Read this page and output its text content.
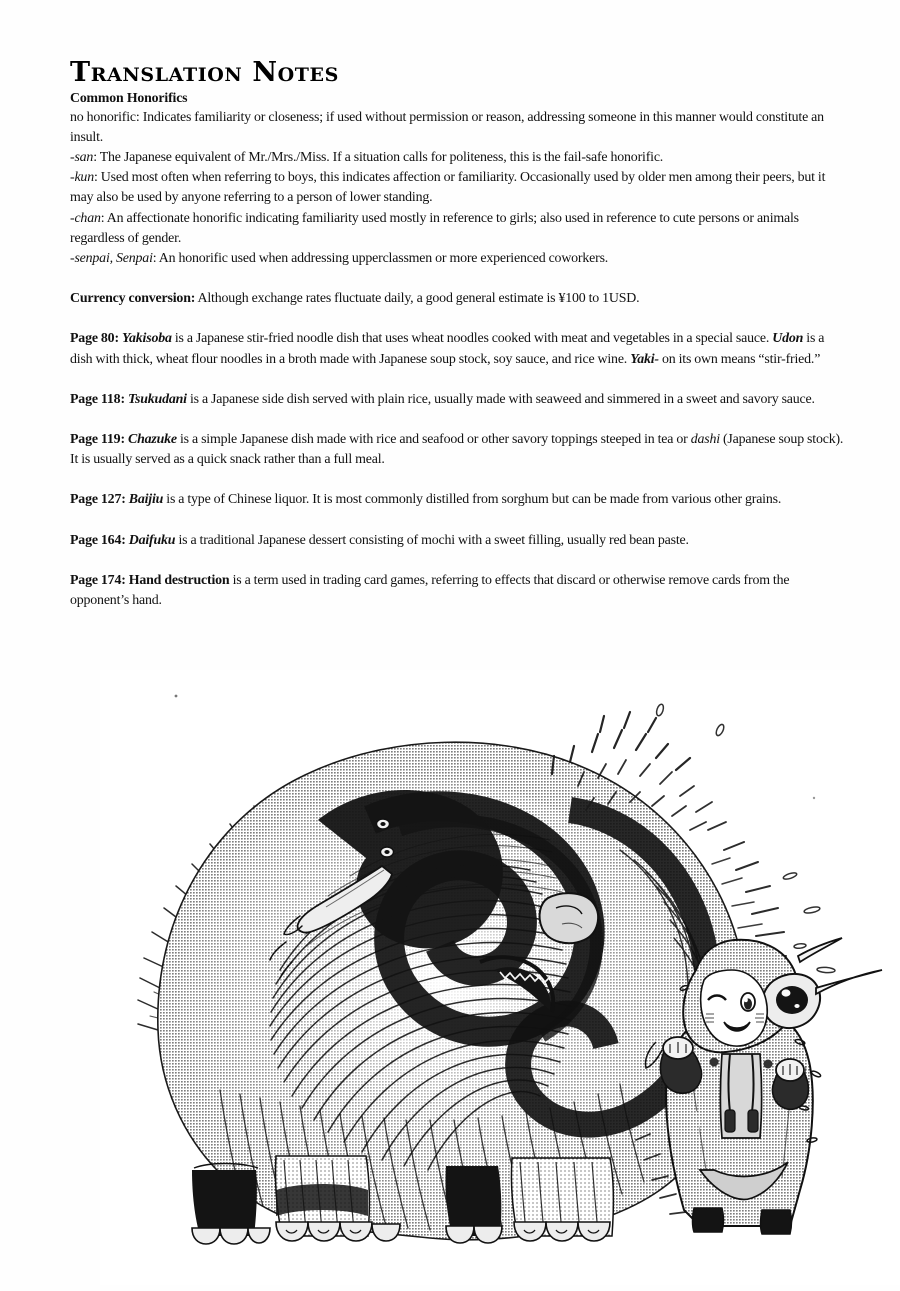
Translation Notes
Common Honorifics

no honorific: Indicates familiarity or closeness; if used without permission or reason, addressing someone in this manner would constitute an insult.

-san: The Japanese equivalent of Mr./Mrs./Miss. If a situation calls for politeness, this is the fail-safe honorific.

-kun: Used most often when referring to boys, this indicates affection or familiarity. Occasionally used by older men among their peers, but it may also be used by anyone referring to a person of lower standing.

-chan: An affectionate honorific indicating familiarity used mostly in reference to girls; also used in reference to cute persons or animals regardless of gender.

-senpai, Senpai: An honorific used when addressing upperclassmen or more experienced coworkers.

Currency conversion: Although exchange rates fluctuate daily, a good general estimate is ¥100 to 1USD.

Page 80: Yakisoba is a Japanese stir-fried noodle dish that uses wheat noodles cooked with meat and vegetables in a special sauce. Udon is a dish with thick, wheat flour noodles in a broth made with Japanese soup stock, soy sauce, and rice wine. Yaki- on its own means “stir-fried.”

Page 118: Tsukudani is a Japanese side dish served with plain rice, usually made with seaweed and simmered in a sweet and savory sauce.

Page 119: Chazuke is a simple Japanese dish made with rice and seafood or other savory toppings steeped in tea or dashi (Japanese soup stock). It is usually served as a quick snack rather than a full meal.

Page 127: Baijiu is a type of Chinese liquor. It is most commonly distilled from sorghum but can be made from various other grains.

Page 164: Daifuku is a traditional Japanese dessert consisting of mochi with a sweet filling, usually red bean paste.

Page 174: Hand destruction is a term used in trading card games, referring to effects that discard or otherwise remove cards from the opponent’s hand.
